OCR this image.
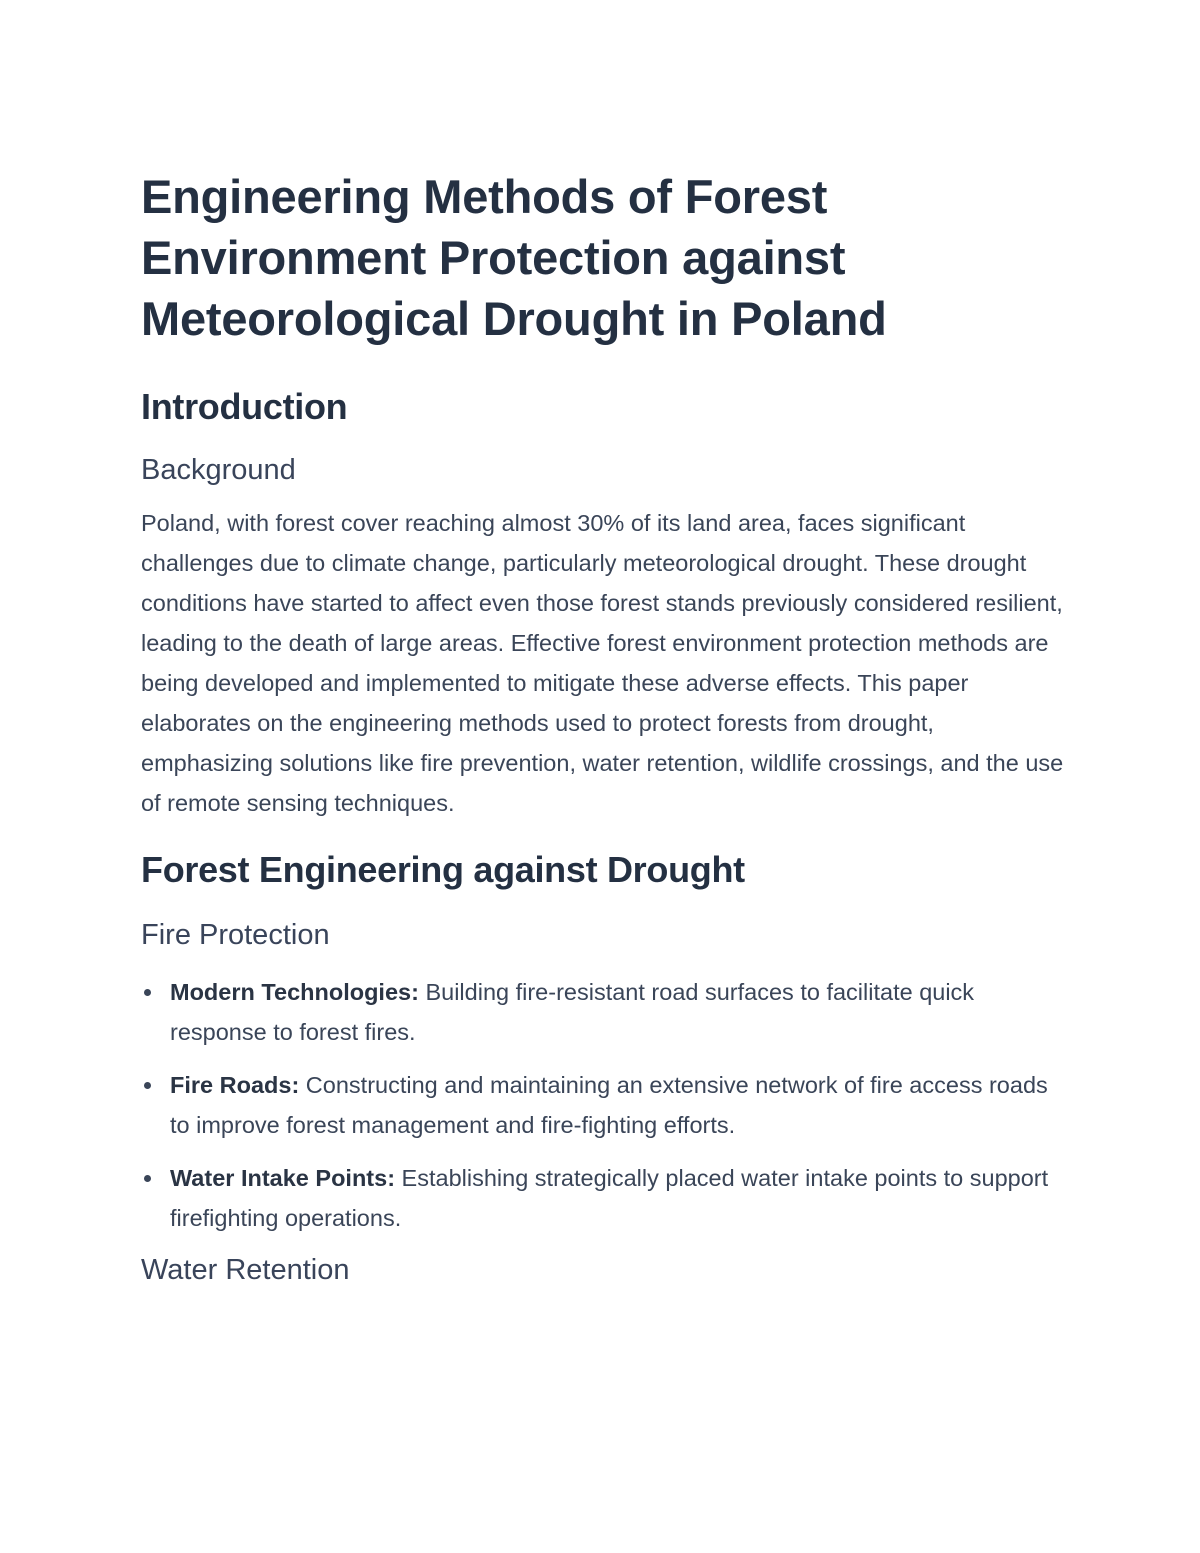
Engineering Methods of Forest Environment Protection against Meteorological Drought in Poland
Introduction
Background

Poland, with forest cover reaching almost 30% of its land area, faces significant challenges due to climate change, particularly meteorological drought. These drought conditions have started to affect even those forest stands previously considered resilient, leading to the death of large areas. Effective forest environment protection methods are being developed and implemented to mitigate these adverse effects. This paper elaborates on the engineering methods used to protect forests from drought, emphasizing solutions like fire prevention, water retention, wildlife crossings, and the use of remote sensing techniques.

Forest Engineering against Drought
Fire Protection
Modern Technologies: Building fire-resistant road surfaces to facilitate quick response to forest fires.
Fire Roads: Constructing and maintaining an extensive network of fire access roads to improve forest management and fire-fighting efforts.
Water Intake Points: Establishing strategically placed water intake points to support firefighting operations.
Water Retention
